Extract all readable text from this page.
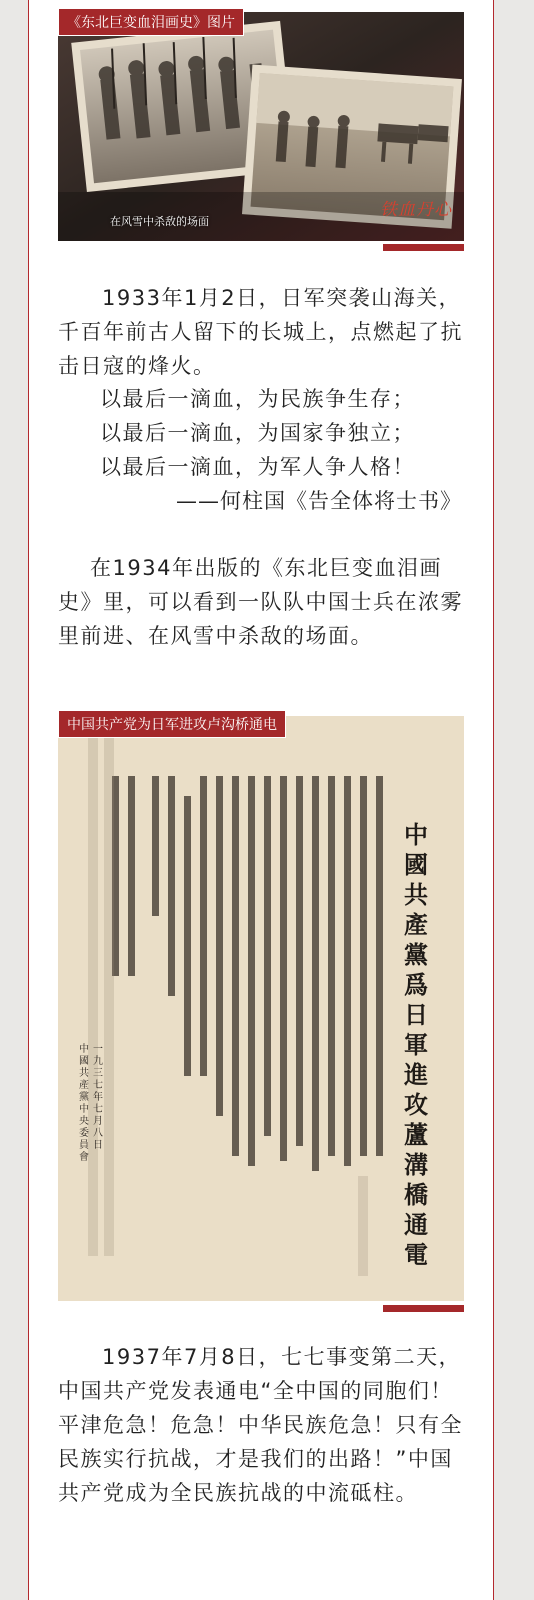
《东北巨变血泪画史》图片
在风雪中杀敌的场面
铁血丹心
1933年1月2日，日军突袭山海关，千百年前古人留下的长城上，点燃起了抗击日寇的烽火。
以最后一滴血，为民族争生存；
以最后一滴血，为国家争独立；
以最后一滴血，为军人争人格！
——何柱国《告全体将士书》
在1934年出版的《东北巨变血泪画史》里，可以看到一队队中国士兵在浓雾里前进、在风雪中杀敌的场面。
中國共產黨爲日軍進攻蘆溝橋通電
一九三七年七月八日
中國共產黨中央委員會
中国共产党为日军进攻卢沟桥通电
1937年7月8日，七七事变第二天，中国共产党发表通电“全中国的同胞们！平津危急！危急！中华民族危急！只有全民族实行抗战，才是我们的出路！”中国共产党成为全民族抗战的中流砥柱。
